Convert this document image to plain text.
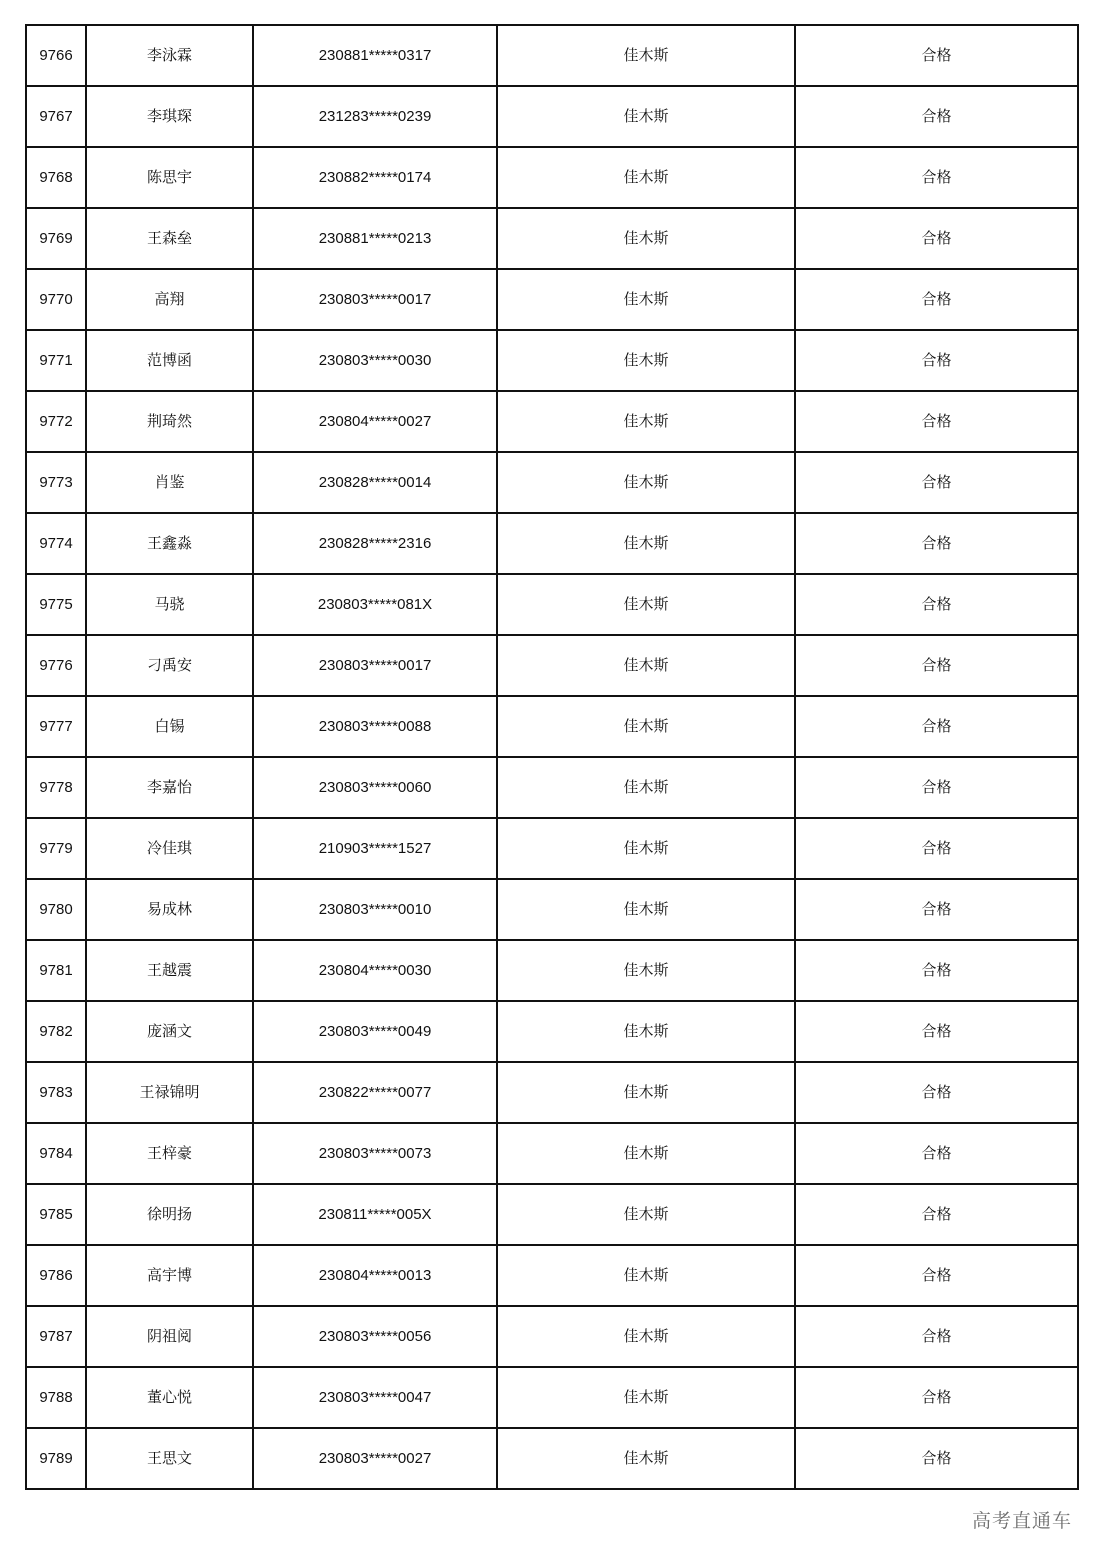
9766	李泳霖	230881*****0317	佳木斯	合格
9767	李琪琛	231283*****0239	佳木斯	合格
9768	陈思宇	230882*****0174	佳木斯	合格
9769	王森垒	230881*****0213	佳木斯	合格
9770	高翔	230803*****0017	佳木斯	合格
9771	范博函	230803*****0030	佳木斯	合格
9772	荆琦然	230804*****0027	佳木斯	合格
9773	肖鉴	230828*****0014	佳木斯	合格
9774	王鑫淼	230828*****2316	佳木斯	合格
9775	马骁	230803*****081X	佳木斯	合格
9776	刁禹安	230803*****0017	佳木斯	合格
9777	白锡	230803*****0088	佳木斯	合格
9778	李嘉怡	230803*****0060	佳木斯	合格
9779	冷佳琪	210903*****1527	佳木斯	合格
9780	易成林	230803*****0010	佳木斯	合格
9781	王越震	230804*****0030	佳木斯	合格
9782	庞涵文	230803*****0049	佳木斯	合格
9783	王禄锦明	230822*****0077	佳木斯	合格
9784	王梓豪	230803*****0073	佳木斯	合格
9785	徐明扬	230811*****005X	佳木斯	合格
9786	高宇博	230804*****0013	佳木斯	合格
9787	阴祖阅	230803*****0056	佳木斯	合格
9788	董心悦	230803*****0047	佳木斯	合格
9789	王思文	230803*****0027	佳木斯	合格
高考直通车
